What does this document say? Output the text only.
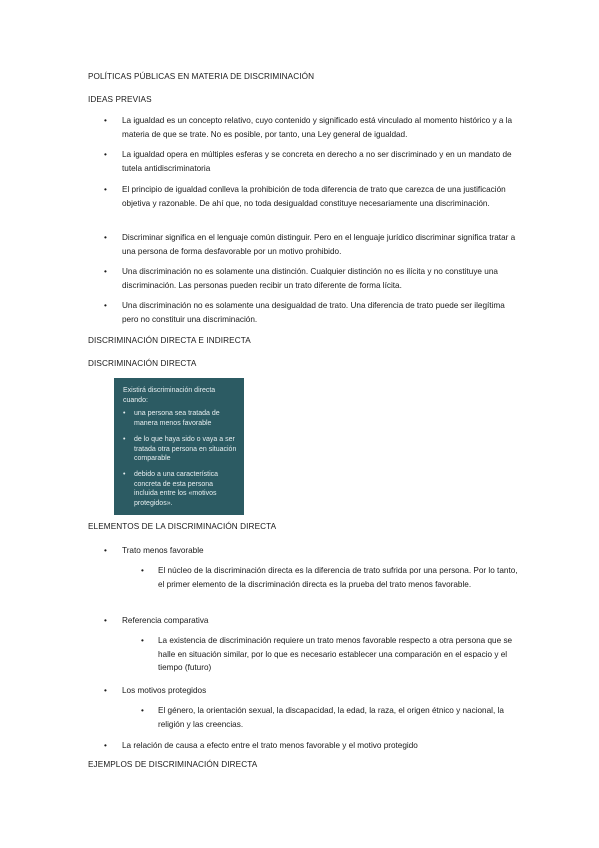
POLÍTICAS PÚBLICAS EN MATERIA DE DISCRIMINACIÓN
IDEAS PREVIAS
•	La igualdad es un concepto relativo, cuyo contenido y significado está vinculado al momento histórico y a la materia de que se trate. No es posible, por tanto, una Ley general de igualdad.
•	La igualdad opera en múltiples esferas y se concreta en derecho a no ser discriminado y en un mandato de tutela antidiscriminatoria
•	El principio de igualdad conlleva la prohibición de toda diferencia de trato que carezca de una justificación objetiva y razonable. De ahí que, no toda desigualdad constituye necesariamente una discriminación.
•	Discriminar significa en el lenguaje común distinguir. Pero en el lenguaje jurídico discriminar significa tratar a una persona de forma desfavorable por un motivo prohibido.
•	Una discriminación no es solamente una distinción. Cualquier distinción no es ilícita y no constituye una discriminación. Las personas pueden recibir un trato diferente de forma lícita.
•	Una discriminación no es solamente una desigualdad de trato. Una diferencia de trato puede ser ilegítima pero no constituir una discriminación.
DISCRIMINACIÓN DIRECTA E INDIRECTA
DISCRIMINACIÓN DIRECTA
Existirá discriminación directa cuando:
• una persona sea tratada de manera menos favorable
• de lo que haya sido o vaya a ser tratada otra persona en situación comparable
• debido a una característica concreta de esta persona incluida entre los «motivos protegidos».
ELEMENTOS DE LA DISCRIMINACIÓN DIRECTA
•	Trato menos favorable
•	El núcleo de la discriminación directa es la diferencia de trato sufrida por una persona. Por lo tanto, el primer elemento de la discriminación directa es la prueba del trato menos favorable.
•	Referencia comparativa
•	La existencia de discriminación requiere un trato menos favorable respecto a otra persona que se halle en situación similar, por lo que es necesario establecer una comparación en el espacio y el tiempo (futuro)
•	Los motivos protegidos
•	El género, la orientación sexual, la discapacidad, la edad, la raza, el origen étnico y nacional, la religión y las creencias.
•	La relación de causa a efecto entre el trato menos favorable y el motivo protegido
EJEMPLOS DE DISCRIMINACIÓN DIRECTA
